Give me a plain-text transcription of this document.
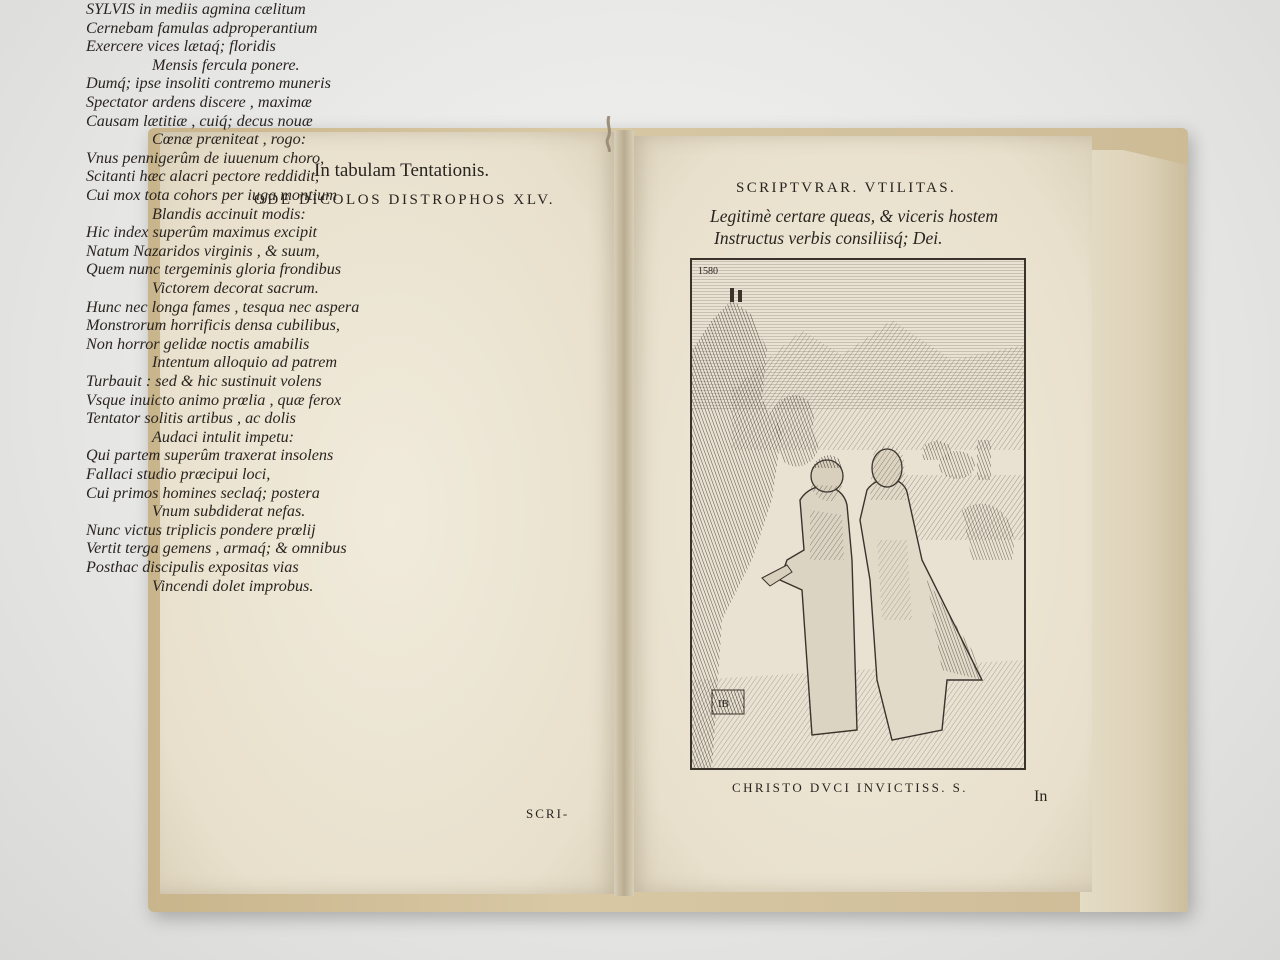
In tabulam Tentationis.
ODE DICOLOS DISTROPHOS XLV.
SYLVIS in mediis agmina cælitum
Cernebam famulas adproperantium
Exercere vices lætaq́; floridis
Mensis fercula ponere.
Dumq́; ipse insoliti contremo muneris
Spectator ardens discere , maximæ
Causam lætitiæ , cuiq́; decus nouæ
Cœnæ præniteat , rogo:
Vnus pennigerûm de iuuenum choro,
Scitanti hæc alacri pectore reddidit,
Cui mox tota cohors per iuga montium
Blandis accinuit modis:
Hic index superûm maximus excipit
Natum Nazaridos virginis , & suum,
Quem nunc tergeminis gloria frondibus
Victorem decorat sacrum.
Hunc nec longa fames , tesqua nec aspera
Monstrorum horrificis densa cubilibus,
Non horror gelidæ noctis amabilis
Intentum alloquio ad patrem
Turbauit : sed & hic sustinuit volens
Vsque inuicto animo prœlia , quæ ferox
Tentator solitis artibus , ac dolis
Audaci intulit impetu:
Qui partem superûm traxerat insolens
Fallaci studio præcipui loci,
Cui primos homines seclaq́; postera
Vnum subdiderat nefas.
Nunc victus triplicis pondere prœlij
Vertit terga gemens , armaq́; & omnibus
Posthac discipulis expositas vias
Vincendi dolet improbus.
SCRI-
SCRIPTVRAR. VTILITAS.
Legitimè certare queas, & viceris hostem
Instructus verbis consiliisq́; Dei.
IB
1580
CHRISTO DVCI INVICTISS. S.
In
